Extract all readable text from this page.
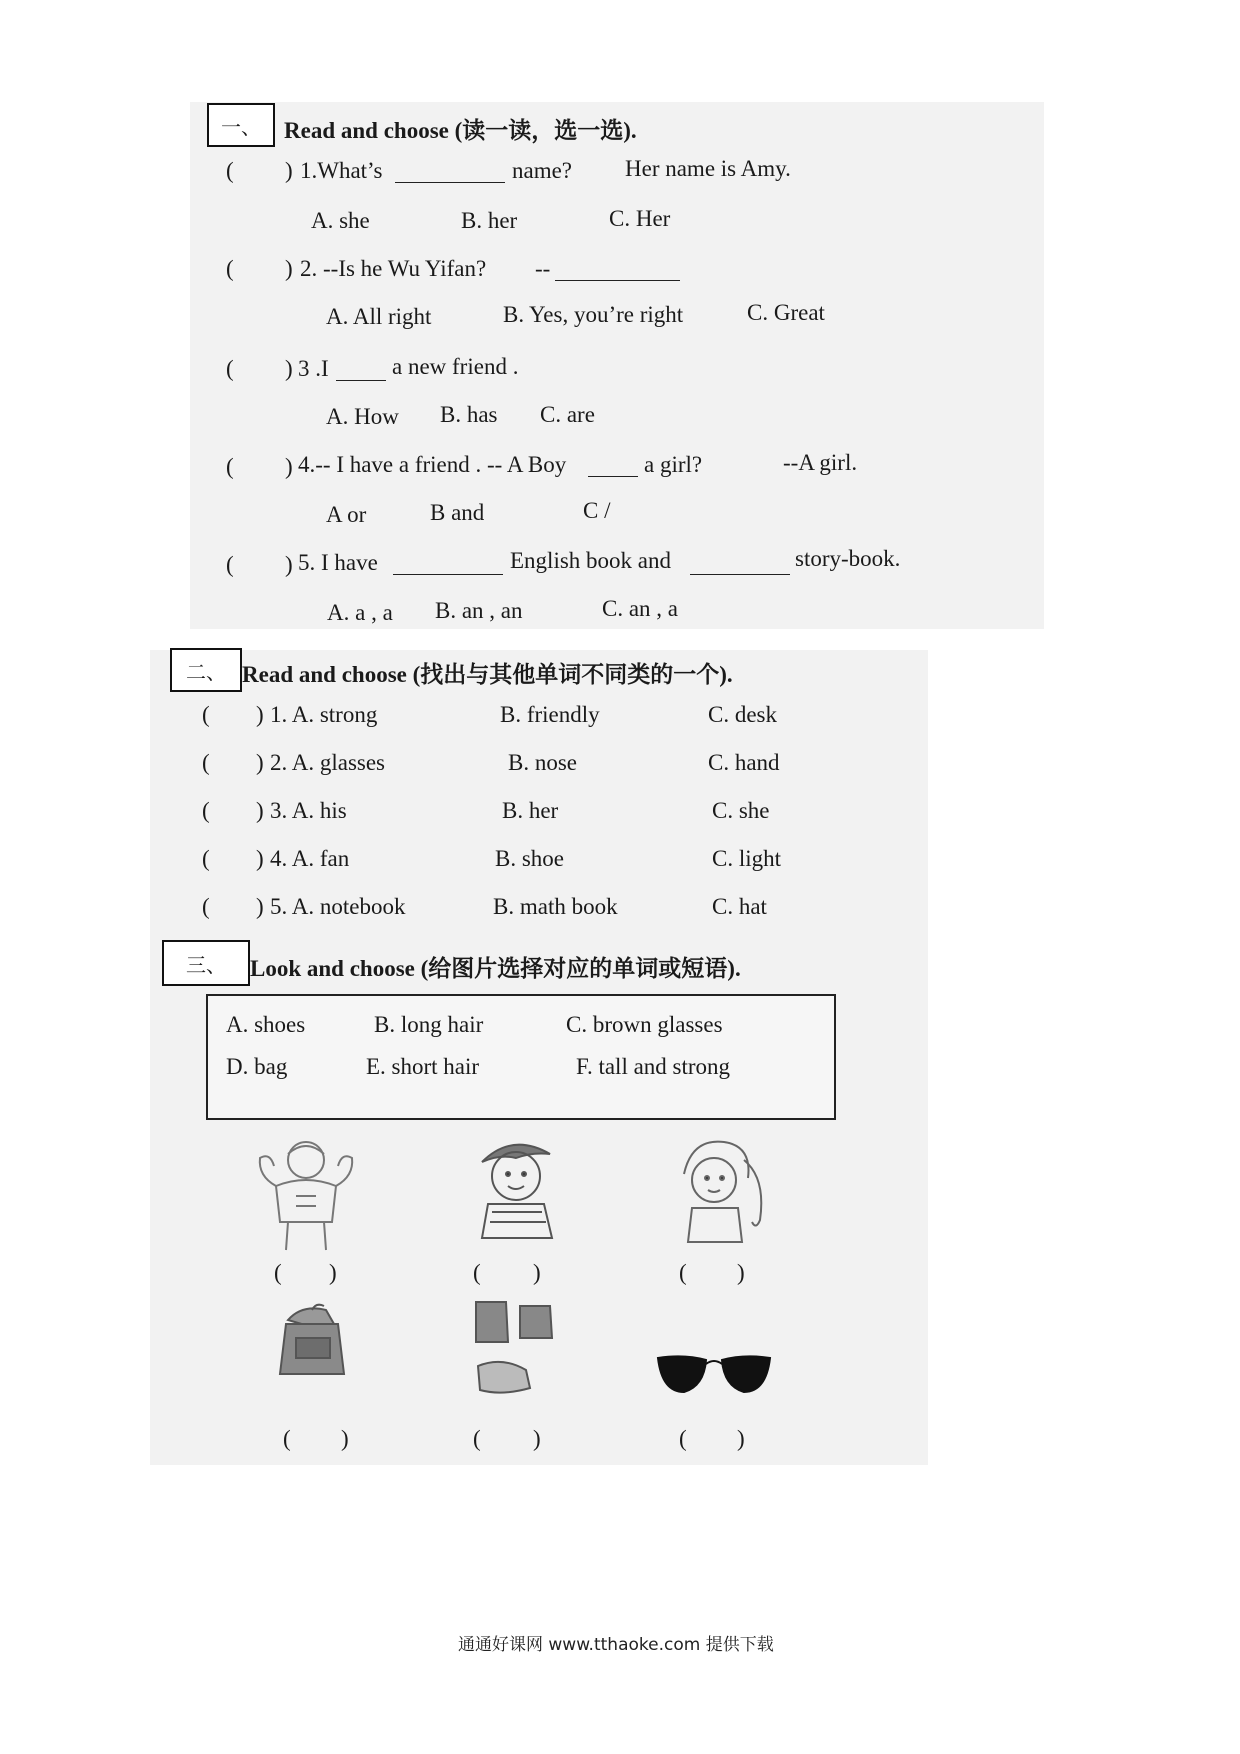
一、 Read and choose (读一读，选一选).
( ) 1.What’s	name? Her name is Amy.
A. she	B. her	C. Her
( ) 2. --Is he Wu Yifan? --
A. All right	B. Yes, you’re right	C. Great
( ) 3 .I	a new friend .
A. How B. has C. are
( ) 4.-- I have a friend . -- A Boy	a girl?	--A girl.
A or	B and	C /
( ) 5. I have	English book and	story-book.
A. a , a B. an , an	C. an , a
二、 Read and choose (找出与其他单词不同类的一个).
( ) 1. A. strong	B. friendly	C. desk
( ) 2. A. glasses	B. nose	C. hand
( ) 3. A. his	B. her	C. she
( ) 4. A. fan	B. shoe	C. light
( ) 5. A. notebook	B. math book	C. hat
三、 Look and choose (给图片选择对应的单词或短语).
A. shoes	B. long hair	C. brown glasses
D. bag	E. short hair	F. tall and strong
( )	( )	( )
( )	( )	( )
通通好课网 www.tthaoke.com 提供下载
